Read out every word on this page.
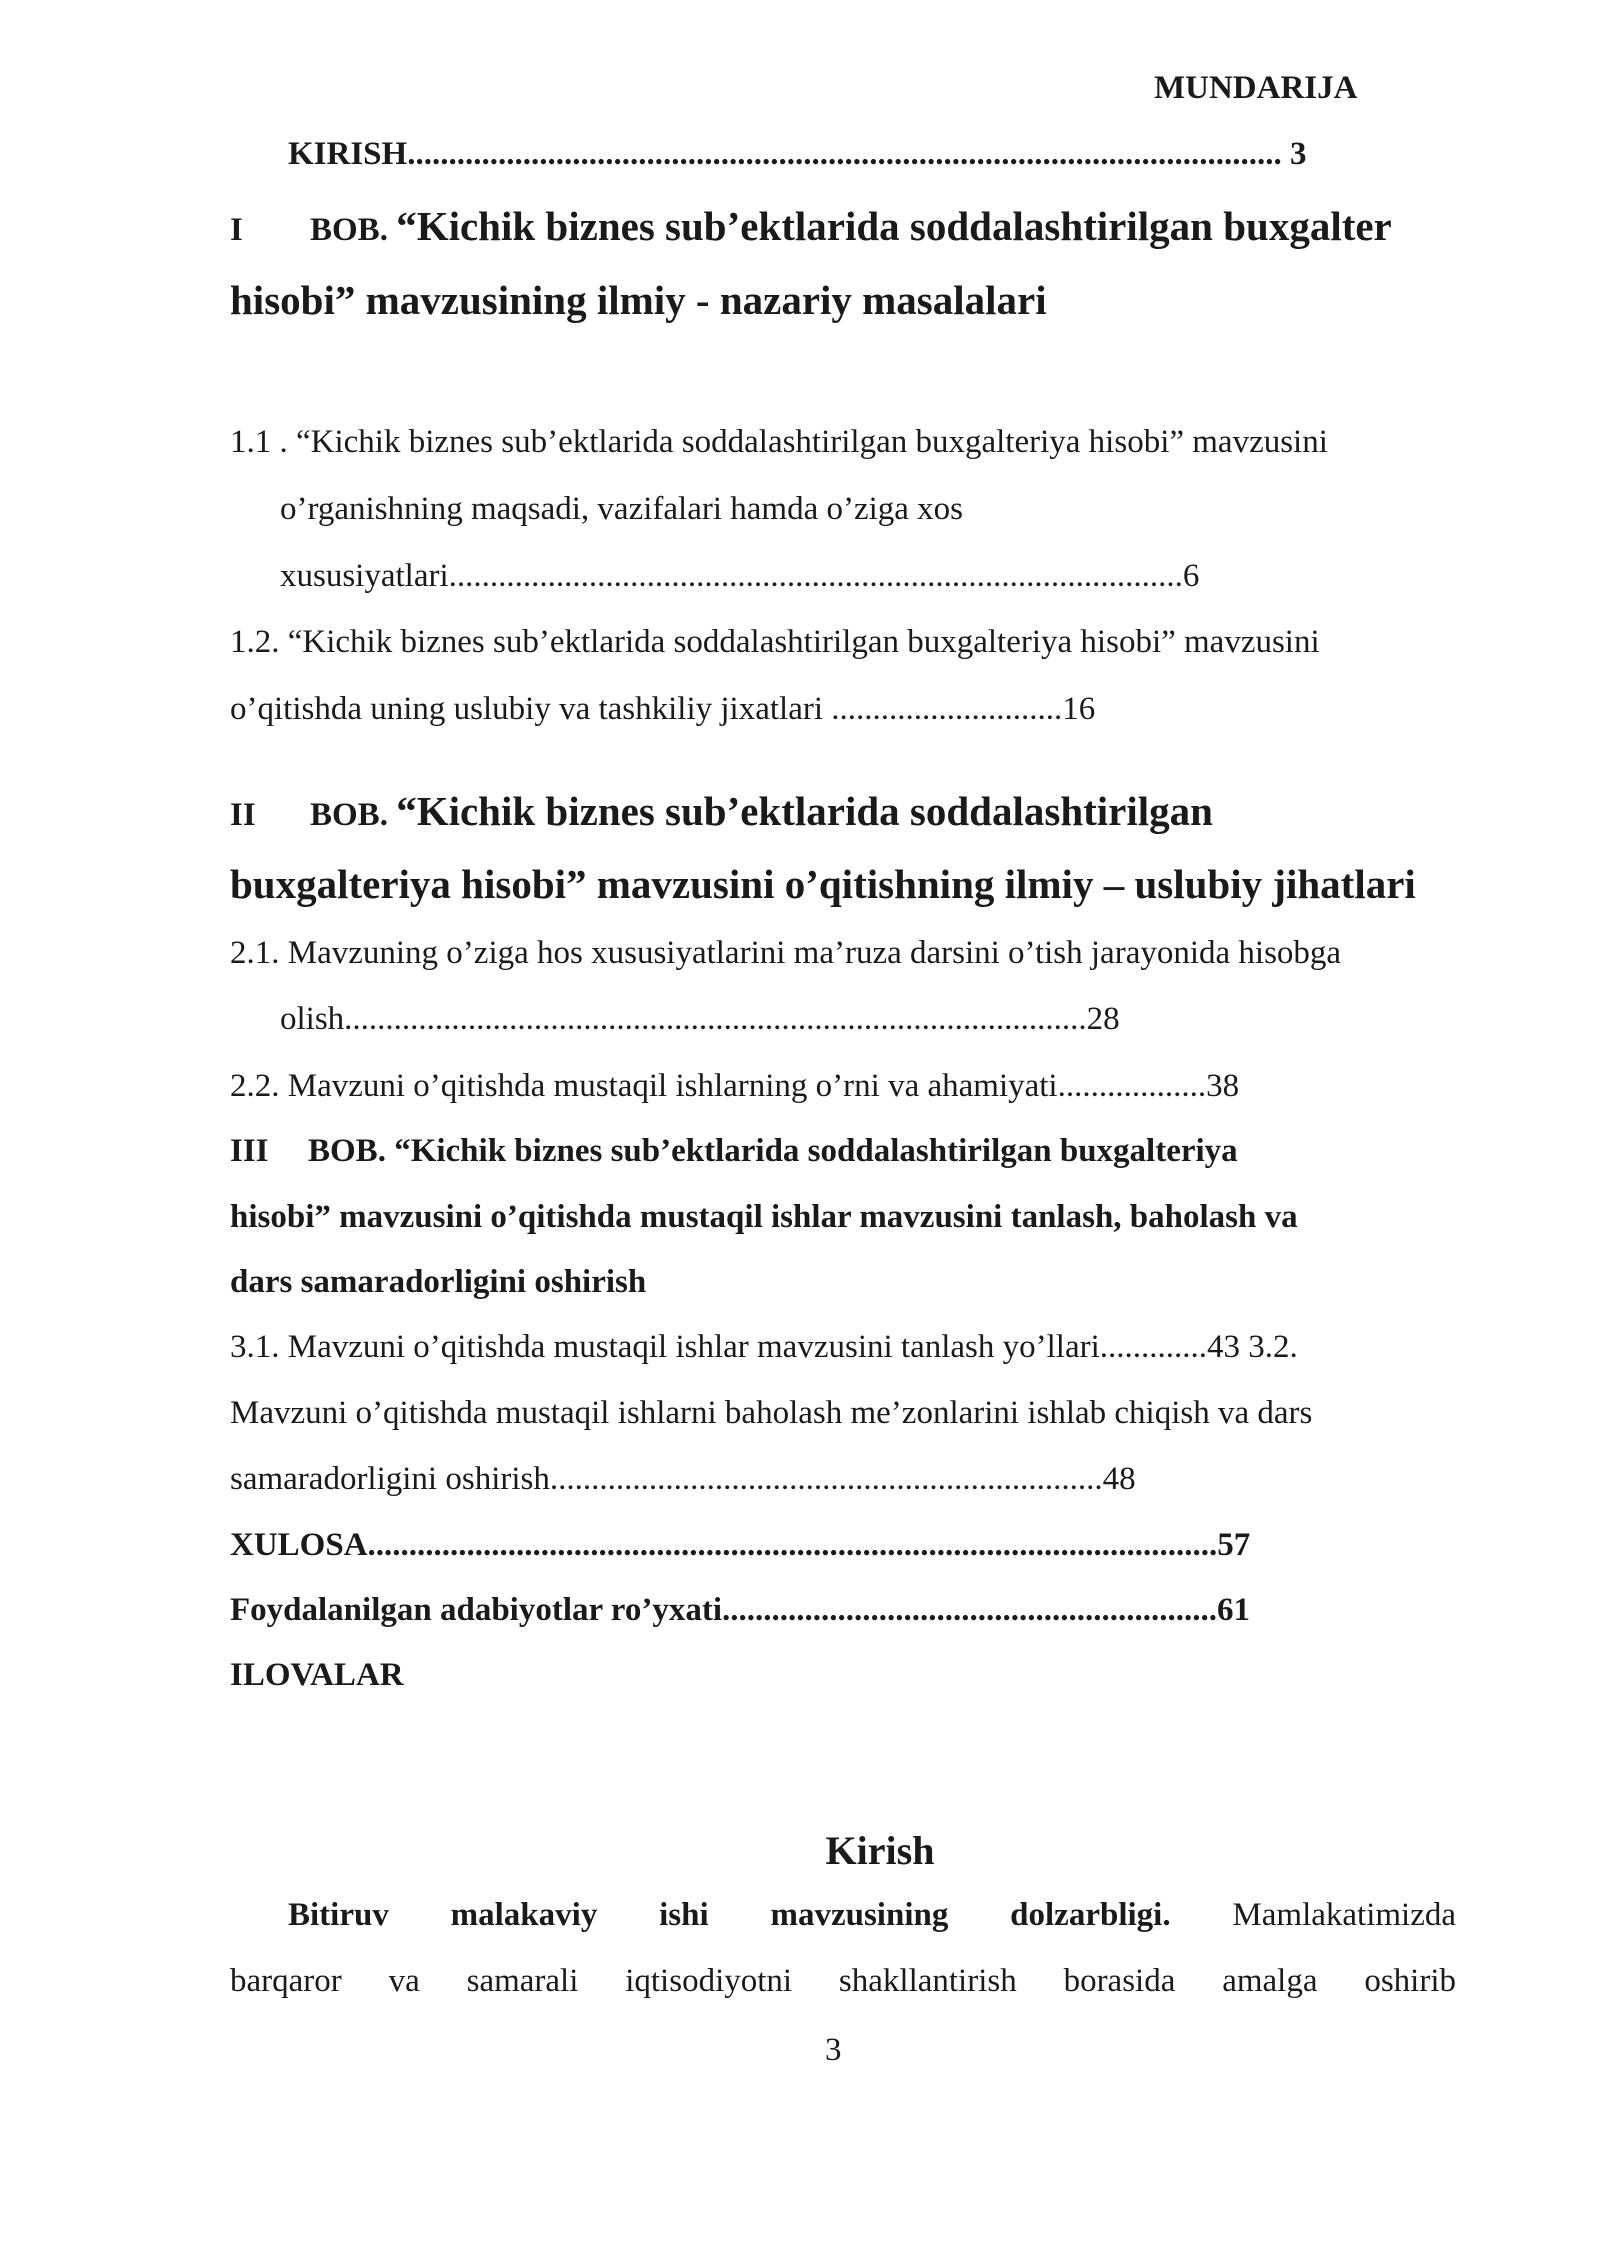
MUNDARIJA
KIRISH.......................................................................................................... 3
I BOB. “Kichik biznes sub’ektlarida soddalashtirilgan buxgalter
hisobi” mavzusining ilmiy - nazariy masalalari
1.1 . “Kichik biznes sub’ektlarida soddalashtirilgan buxgalteriya hisobi” mavzusini
o’rganishning maqsadi, vazifalari hamda o’ziga xos
xususiyatlari.........................................................................................6
1.2. “Kichik biznes sub’ektlarida soddalashtirilgan buxgalteriya hisobi” mavzusini
o’qitishda uning uslubiy va tashkiliy jixatlari ............................16
II BOB. “Kichik biznes sub’ektlarida soddalashtirilgan
buxgalteriya hisobi” mavzusini o’qitishning ilmiy – uslubiy jihatlari
2.1. Mavzuning o’ziga hos xususiyatlarini ma’ruza darsini o’tish jarayonida hisobga
olish..........................................................................................28
2.2. Mavzuni o’qitishda mustaqil ishlarning o’rni va ahamiyati..................38
III BOB. “Kichik biznes sub’ektlarida soddalashtirilgan buxgalteriya
hisobi” mavzusini o’qitishda mustaqil ishlar mavzusini tanlash, baholash va
dars samaradorligini oshirish
3.1. Mavzuni o’qitishda mustaqil ishlar mavzusini tanlash yo’llari.............43 3.2.
Mavzuni o’qitishda mustaqil ishlarni baholash me’zonlarini ishlab chiqish va dars
samaradorligini oshirish...................................................................48
XULOSA.......................................................................................................57
Foydalanilgan adabiyotlar ro’yxati............................................................61
ILOVALAR
Kirish
Bitiruv malakaviy ishi mavzusining dolzarbligi. Mamlakatimizda
barqaror va samarali iqtisodiyotni shakllantirish borasida amalga oshirib
3
